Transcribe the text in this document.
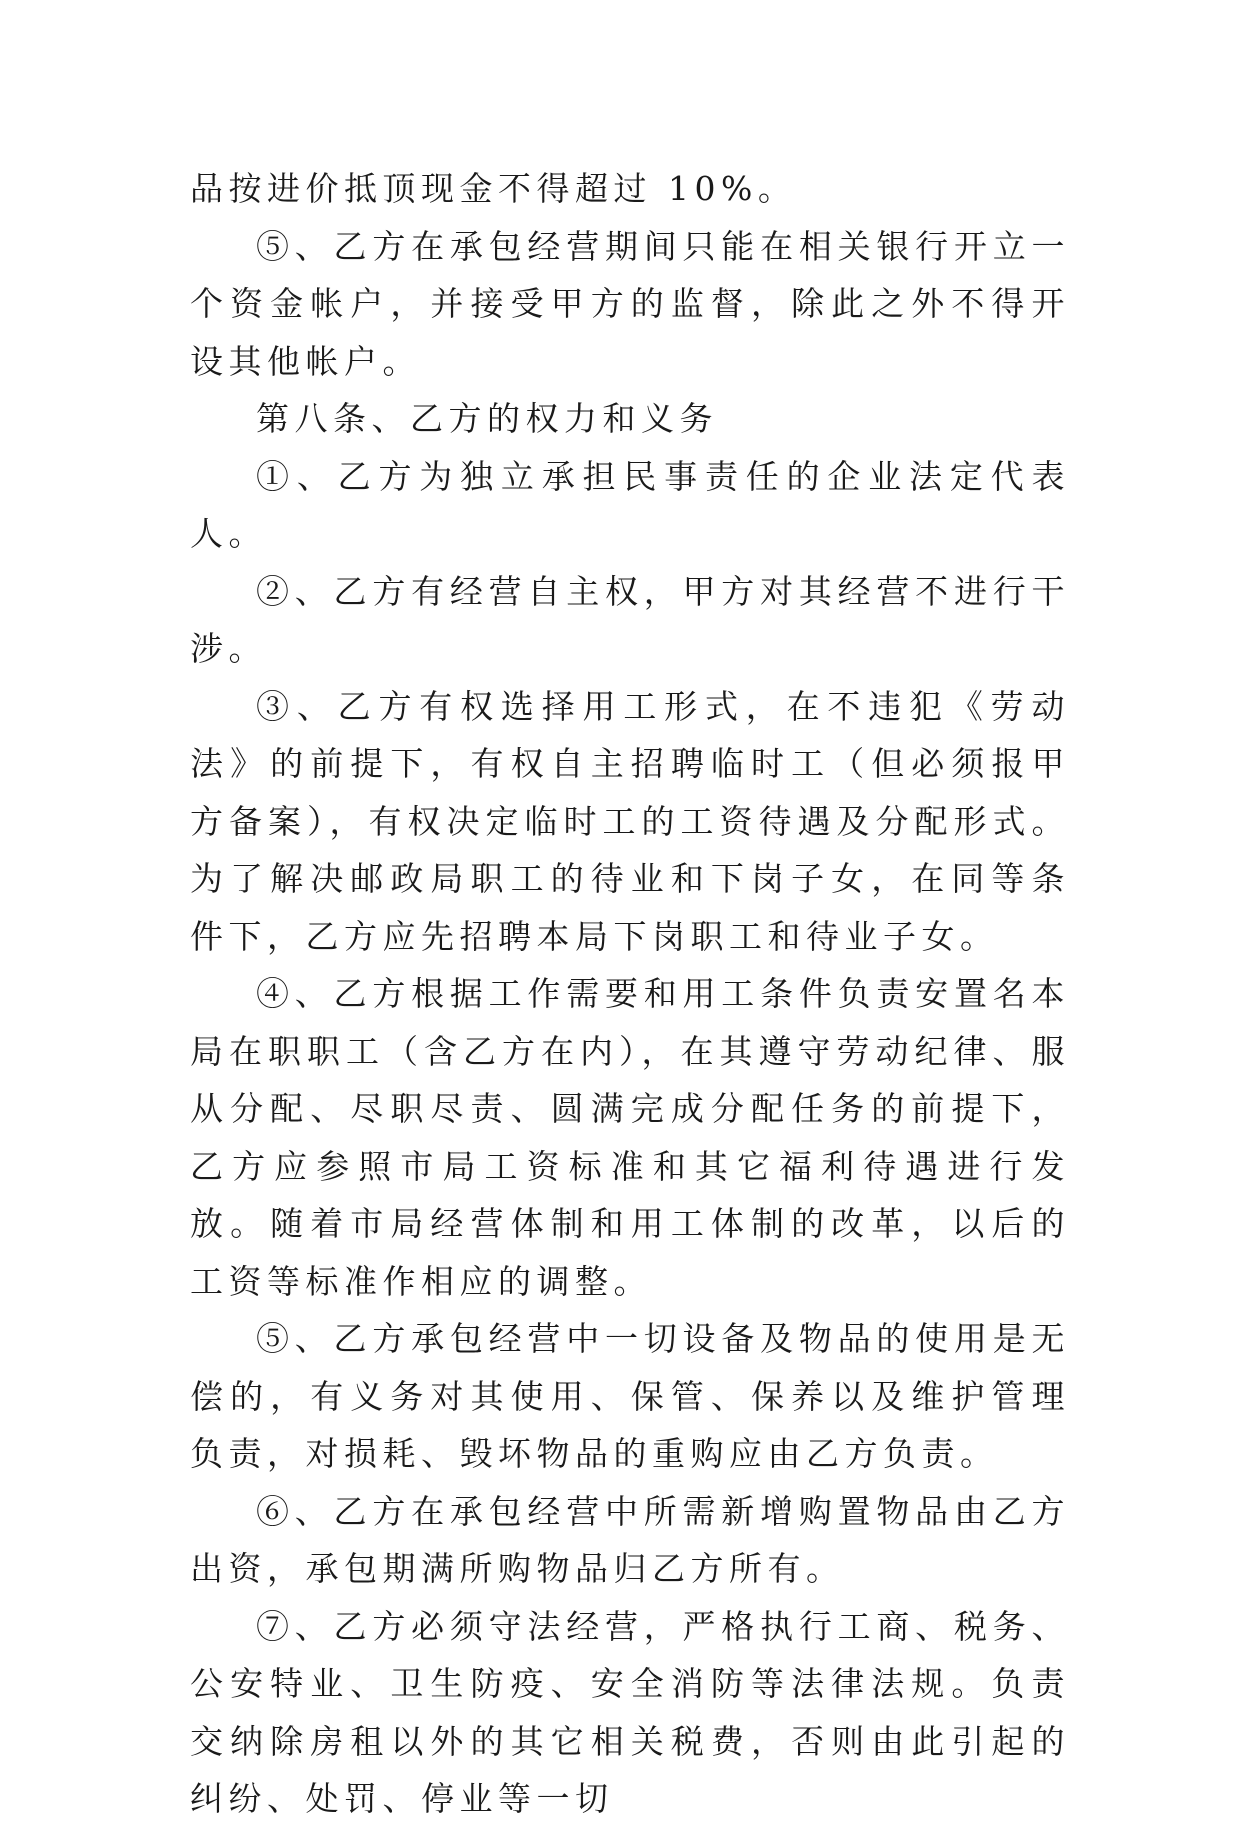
品按进价抵顶现金不得超过 10%。

⑤、乙方在承包经营期间只能在相关银行开立一个资金帐户，并接受甲方的监督，除此之外不得开设其他帐户。

第八条、乙方的权力和义务

①、乙方为独立承担民事责任的企业法定代表人。

②、乙方有经营自主权，甲方对其经营不进行干涉。

③、乙方有权选择用工形式，在不违犯《劳动法》的前提下，有权自主招聘临时工（但必须报甲方备案），有权决定临时工的工资待遇及分配形式。为了解决邮政局职工的待业和下岗子女，在同等条件下，乙方应先招聘本局下岗职工和待业子女。

④、乙方根据工作需要和用工条件负责安置名本局在职职工（含乙方在内），在其遵守劳动纪律、服从分配、尽职尽责、圆满完成分配任务的前提下，乙方应参照市局工资标准和其它福利待遇进行发放。随着市局经营体制和用工体制的改革，以后的工资等标准作相应的调整。

⑤、乙方承包经营中一切设备及物品的使用是无偿的，有义务对其使用、保管、保养以及维护管理负责，对损耗、毁坏物品的重购应由乙方负责。

⑥、乙方在承包经营中所需新增购置物品由乙方出资，承包期满所购物品归乙方所有。

⑦、乙方必须守法经营，严格执行工商、税务、公安特业、卫生防疫、安全消防等法律法规。负责交纳除房租以外的其它相关税费，否则由此引起的纠纷、处罚、停业等一切
